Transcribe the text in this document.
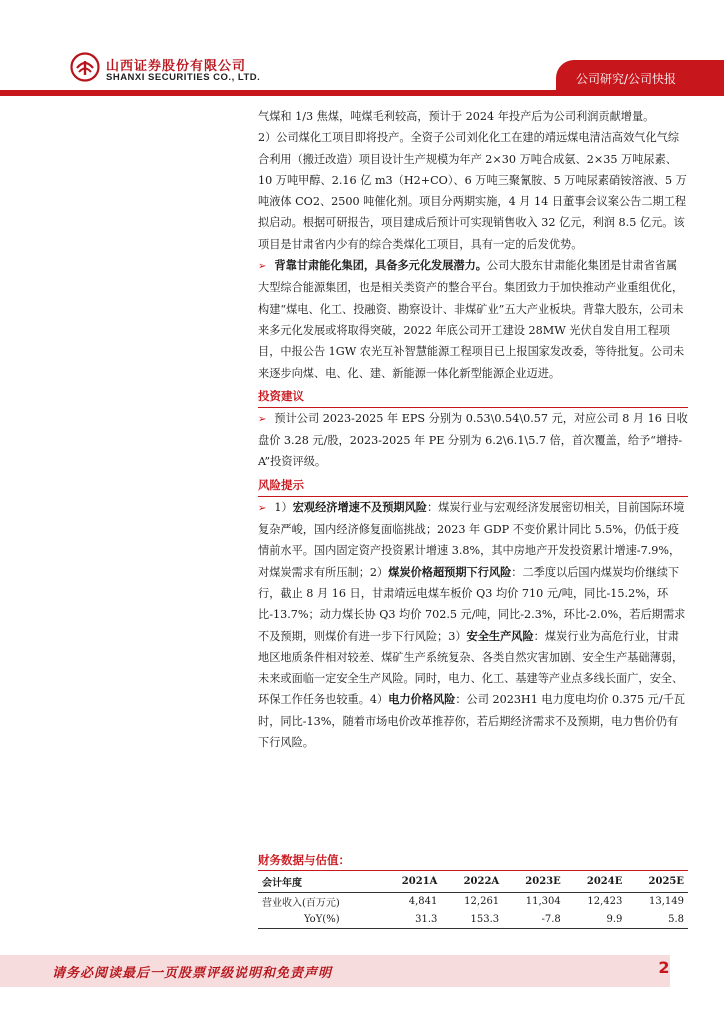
山西证券股份有限公司
SHANXI SECURITIES CO., LTD.	公司研究/公司快报

气煤和 1/3 焦煤，吨煤毛利较高，预计于 2024 年投产后为公司利润贡献增量。

2）公司煤化工项目即将投产。全资子公司刘化化工在建的靖远煤电清洁高效气化气综合利用（搬迁改造）项目设计生产规模为年产 2×30 万吨合成氨、2×35 万吨尿素、10 万吨甲醇、2.16 亿 m3（H2+CO）、6 万吨三聚氰胺、5 万吨尿素硝铵溶液、5 万吨液体 CO2、2500 吨催化剂。项目分两期实施，4 月 14 日董事会议案公告二期工程拟启动。根据可研报告，项目建成后预计可实现销售收入 32 亿元，利润 8.5 亿元。该项目是甘肃省内少有的综合类煤化工项目，具有一定的后发优势。

➢ 背靠甘肃能化集团，具备多元化发展潜力。公司大股东甘肃能化集团是甘肃省省属大型综合能源集团，也是相关类资产的整合平台。集团致力于加快推动产业重组优化，构建“煤电、化工、投融资、勘察设计、非煤矿业”五大产业板块。背靠大股东，公司未来多元化发展或将取得突破，2022 年底公司开工建设 28MW 光伏自发自用工程项目，中报公告 1GW 农光互补智慧能源工程项目已上报国家发改委，等待批复。公司未来逐步向煤、电、化、建、新能源一体化新型能源企业迈进。

投资建议

➢ 预计公司 2023-2025 年 EPS 分别为 0.53\0.54\0.57 元，对应公司 8 月 16 日收盘价 3.28 元/股，2023-2025 年 PE 分别为 6.2\6.1\5.7 倍，首次覆盖，给予“增持-A”投资评级。

风险提示

➢ 1）宏观经济增速不及预期风险：煤炭行业与宏观经济发展密切相关，目前国际环境复杂严峻，国内经济修复面临挑战；2023 年 GDP 不变价累计同比 5.5%，仍低于疫情前水平。国内固定资产投资累计增速 3.8%，其中房地产开发投资累计增速-7.9%，对煤炭需求有所压制；2）煤炭价格超预期下行风险：二季度以后国内煤炭均价继续下行，截止 8 月 16 日，甘肃靖远电煤车板价 Q3 均价 710 元/吨，同比-15.2%，环比-13.7%；动力煤长协 Q3 均价 702.5 元/吨，同比-2.3%，环比-2.0%，若后期需求不及预期，则煤价有进一步下行风险；3）安全生产风险：煤炭行业为高危行业，甘肃地区地质条件相对较差、煤矿生产系统复杂、各类自然灾害加剧、安全生产基础薄弱，未来或面临一定安全生产风险。同时，电力、化工、基建等产业点多线长面广，安全、环保工作任务也较重。4）电力价格风险：公司 2023H1 电力度电均价 0.375 元/千瓦时，同比-13%，随着市场电价改革推荐你，若后期经济需求不及预期，电力售价仍有下行风险。

财务数据与估值：
会计年度	2021A	2022A	2023E	2024E	2025E
营业收入(百万元)	4,841	12,261	11,304	12,423	13,149
YoY(%)	31.3	153.3	-7.8	9.9	5.8
请务必阅读最后一页股票评级说明和免责声明	2
